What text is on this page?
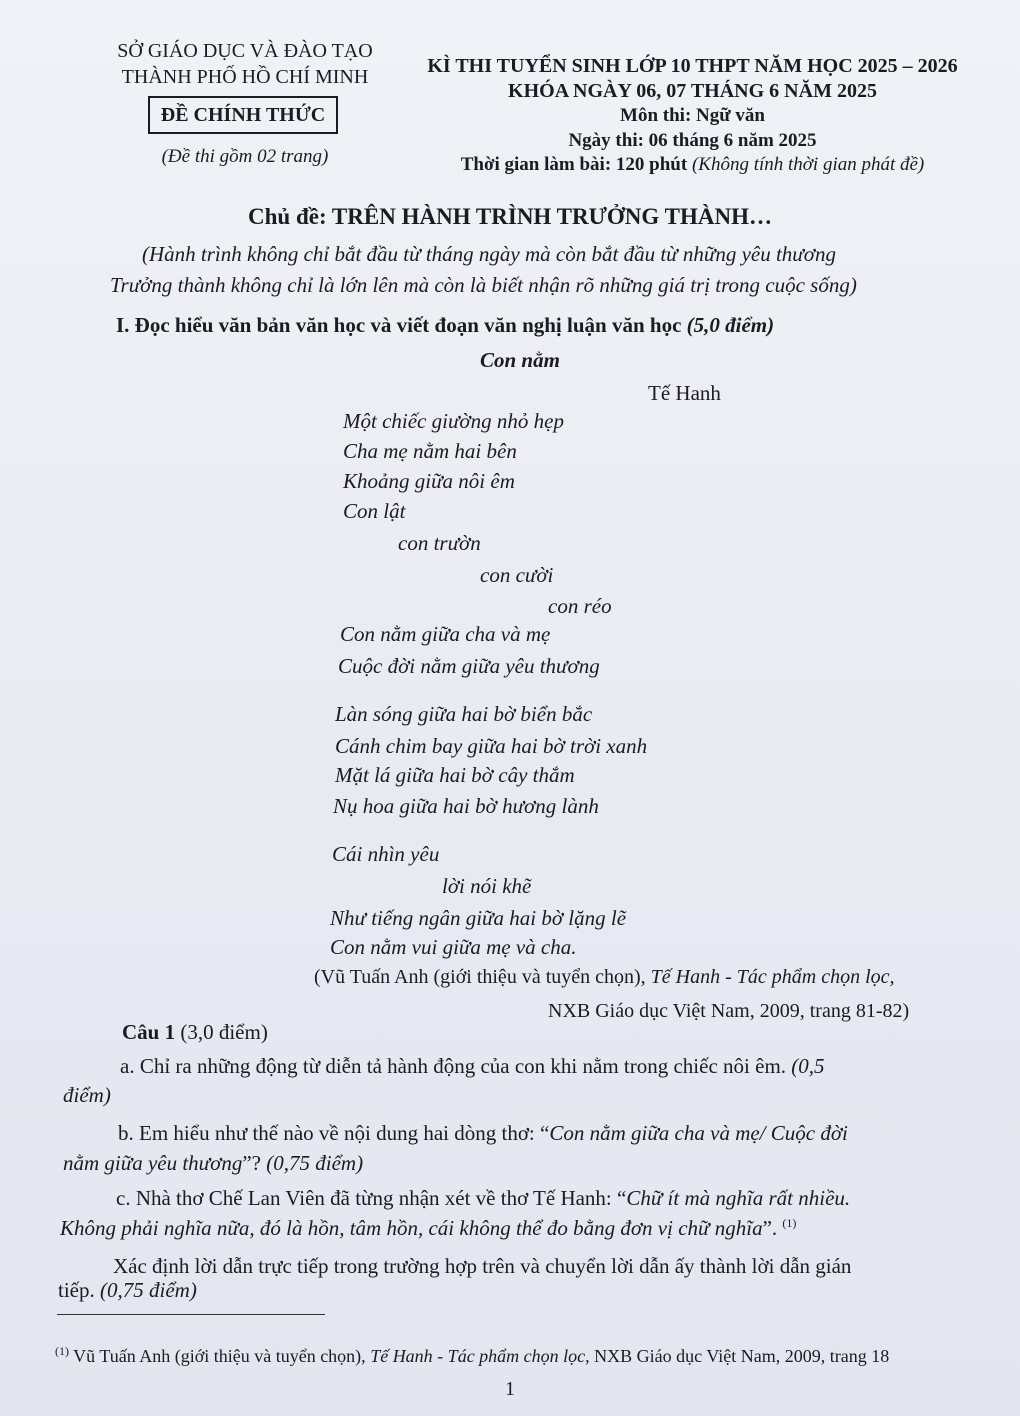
SỞ GIÁO DỤC VÀ ĐÀO TẠO
THÀNH PHỐ HỒ CHÍ MINH
ĐỀ CHÍNH THỨC
(Đề thi gồm 02 trang)
KÌ THI TUYỂN SINH LỚP 10 THPT NĂM HỌC 2025 – 2026
KHÓA NGÀY 06, 07 THÁNG 6 NĂM 2025
Môn thi: Ngữ văn
Ngày thi: 06 tháng 6 năm 2025
Thời gian làm bài: 120 phút (Không tính thời gian phát đề)
Chủ đề: TRÊN HÀNH TRÌNH TRƯỞNG THÀNH…
(Hành trình không chỉ bắt đầu từ tháng ngày mà còn bắt đầu từ những yêu thương
Trưởng thành không chỉ là lớn lên mà còn là biết nhận rõ những giá trị trong cuộc sống)
I. Đọc hiểu văn bản văn học và viết đoạn văn nghị luận văn học (5,0 điểm)
Con nằm
Tế Hanh
Một chiếc giường nhỏ hẹp
Cha mẹ nằm hai bên
Khoảng giữa nôi êm
Con lật
con trườn
con cười
con réo
Con nằm giữa cha và mẹ
Cuộc đời nằm giữa yêu thương
Làn sóng giữa hai bờ biển bắc
Cánh chim bay giữa hai bờ trời xanh
Mặt lá giữa hai bờ cây thắm
Nụ hoa giữa hai bờ hương lành
Cái nhìn yêu
lời nói khẽ
Như tiếng ngân giữa hai bờ lặng lẽ
Con nằm vui giữa mẹ và cha.
(Vũ Tuấn Anh (giới thiệu và tuyển chọn), Tế Hanh - Tác phẩm chọn lọc,
NXB Giáo dục Việt Nam, 2009, trang 81-82)
Câu 1 (3,0 điểm)
a. Chỉ ra những động từ diễn tả hành động của con khi nằm trong chiếc nôi êm. (0,5
điểm)
b. Em hiểu như thế nào về nội dung hai dòng thơ: “Con nằm giữa cha và mẹ/ Cuộc đời
nằm giữa yêu thương”? (0,75 điểm)
c. Nhà thơ Chế Lan Viên đã từng nhận xét về thơ Tế Hanh: “Chữ ít mà nghĩa rất nhiều.
Không phải nghĩa nữa, đó là hồn, tâm hồn, cái không thể đo bằng đơn vị chữ nghĩa”. $^{(1)}$
Xác định lời dẫn trực tiếp trong trường hợp trên và chuyển lời dẫn ấy thành lời dẫn gián
tiếp. (0,75 điểm)
$^{(1)}$ Vũ Tuấn Anh (giới thiệu và tuyển chọn), Tế Hanh - Tác phẩm chọn lọc, NXB Giáo dục Việt Nam, 2009, trang 18
1
